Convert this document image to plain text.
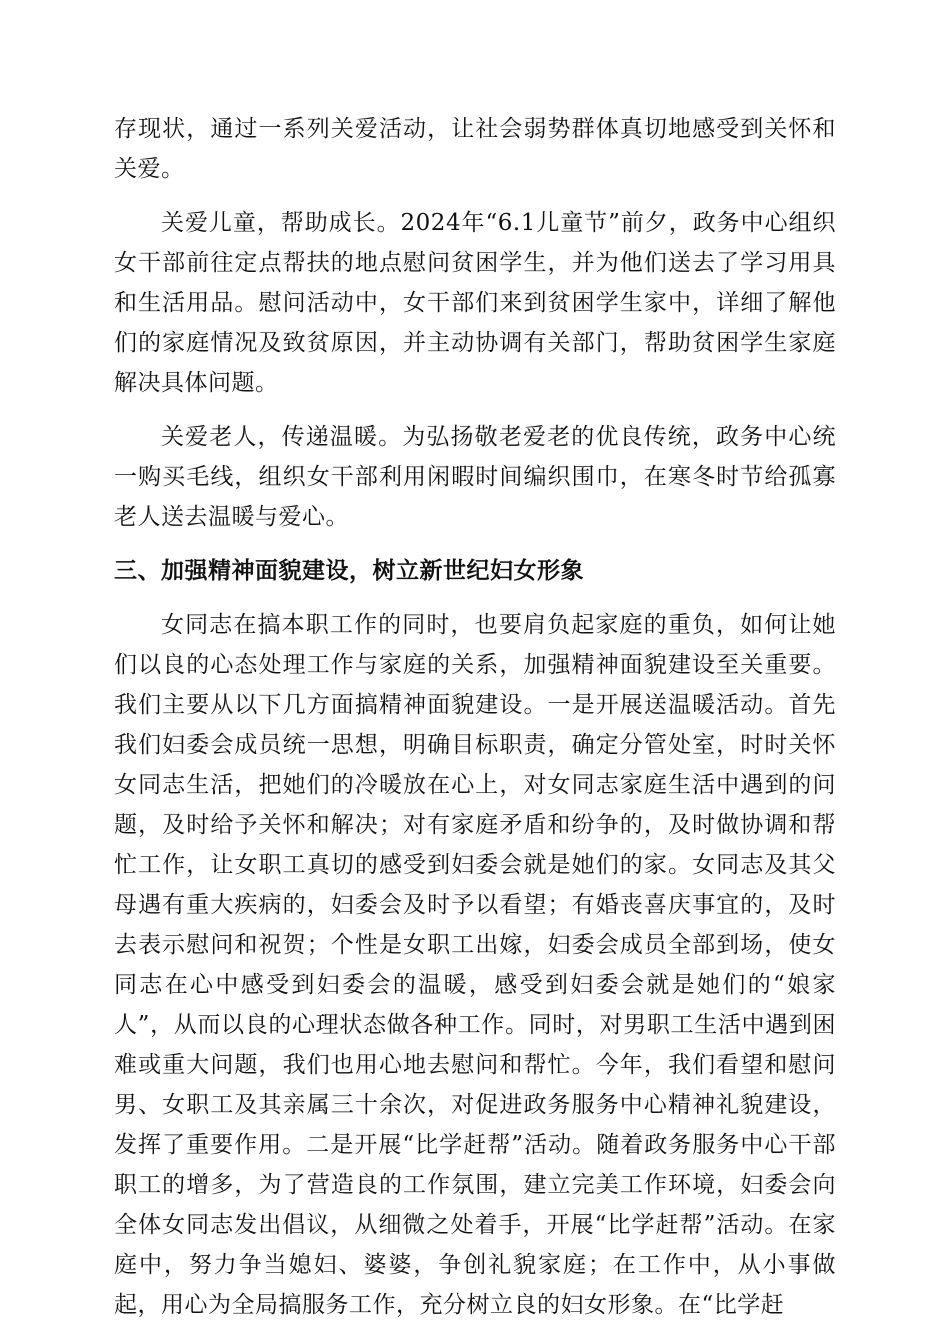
存现状，通过一系列关爱活动，让社会弱势群体真切地感受到关怀和关爱。

关爱儿童，帮助成长。2024年“6.1儿童节”前夕，政务中心组织女干部前往定点帮扶的地点慰问贫困学生，并为他们送去了学习用具和生活用品。慰问活动中，女干部们来到贫困学生家中，详细了解他们的家庭情况及致贫原因，并主动协调有关部门，帮助贫困学生家庭解决具体问题。

关爱老人，传递温暖。为弘扬敬老爱老的优良传统，政务中心统一购买毛线，组织女干部利用闲暇时间编织围巾，在寒冬时节给孤寡老人送去温暖与爱心。

三、加强精神面貌建设，树立新世纪妇女形象

女同志在搞本职工作的同时，也要肩负起家庭的重负，如何让她们以良的心态处理工作与家庭的关系，加强精神面貌建设至关重要。我们主要从以下几方面搞精神面貌建设。一是开展送温暖活动。首先我们妇委会成员统一思想，明确目标职责，确定分管处室，时时关怀女同志生活，把她们的冷暖放在心上，对女同志家庭生活中遇到的问题，及时给予关怀和解决；对有家庭矛盾和纷争的，及时做协调和帮忙工作，让女职工真切的感受到妇委会就是她们的家。女同志及其父母遇有重大疾病的，妇委会及时予以看望；有婚丧喜庆事宜的，及时去表示慰问和祝贺；个性是女职工出嫁，妇委会成员全部到场，使女同志在心中感受到妇委会的温暖，感受到妇委会就是她们的“娘家人”，从而以良的心理状态做各种工作。同时，对男职工生活中遇到困难或重大问题，我们也用心地去慰问和帮忙。今年，我们看望和慰问男、女职工及其亲属三十余次，对促进政务服务中心精神礼貌建设，发挥了重要作用。二是开展“比学赶帮”活动。随着政务服务中心干部职工的增多，为了营造良的工作氛围，建立完美工作环境，妇委会向全体女同志发出倡议，从细微之处着手，开展“比学赶帮”活动。在家庭中，努力争当媳妇、婆婆，争创礼貌家庭；在工作中，从小事做起，用心为全局搞服务工作，充分树立良的妇女形象。在“比学赶
